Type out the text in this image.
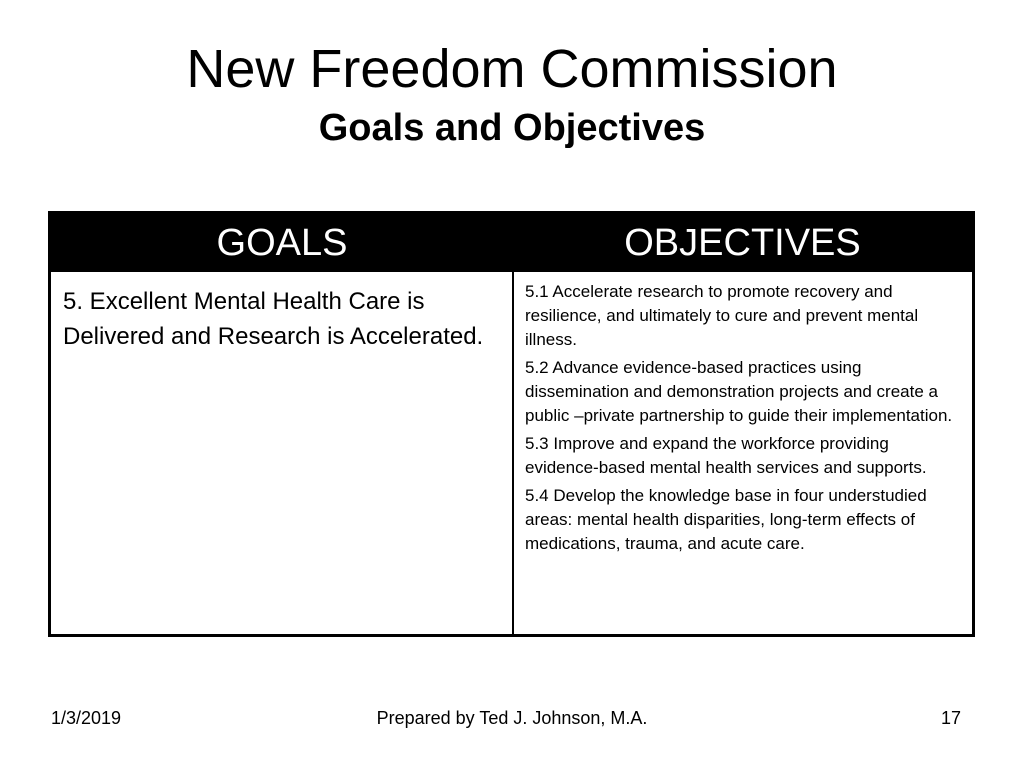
New Freedom Commission
Goals and Objectives
GOALS	OBJECTIVES

5. Excellent Mental Health Care is Delivered and Research is Accelerated.	5.1 Accelerate research to promote recovery and resilience, and ultimately to cure and prevent mental illness.

5.2 Advance evidence-based practices using dissemination and demonstration projects and create a public –private partnership to guide their implementation.

5.3 Improve and expand the workforce providing evidence-based mental health services and supports.

5.4 Develop the knowledge base in four understudied areas: mental health disparities, long-term effects of medications, trauma, and acute care.

1/3/2019	Prepared by Ted J. Johnson, M.A.	17
